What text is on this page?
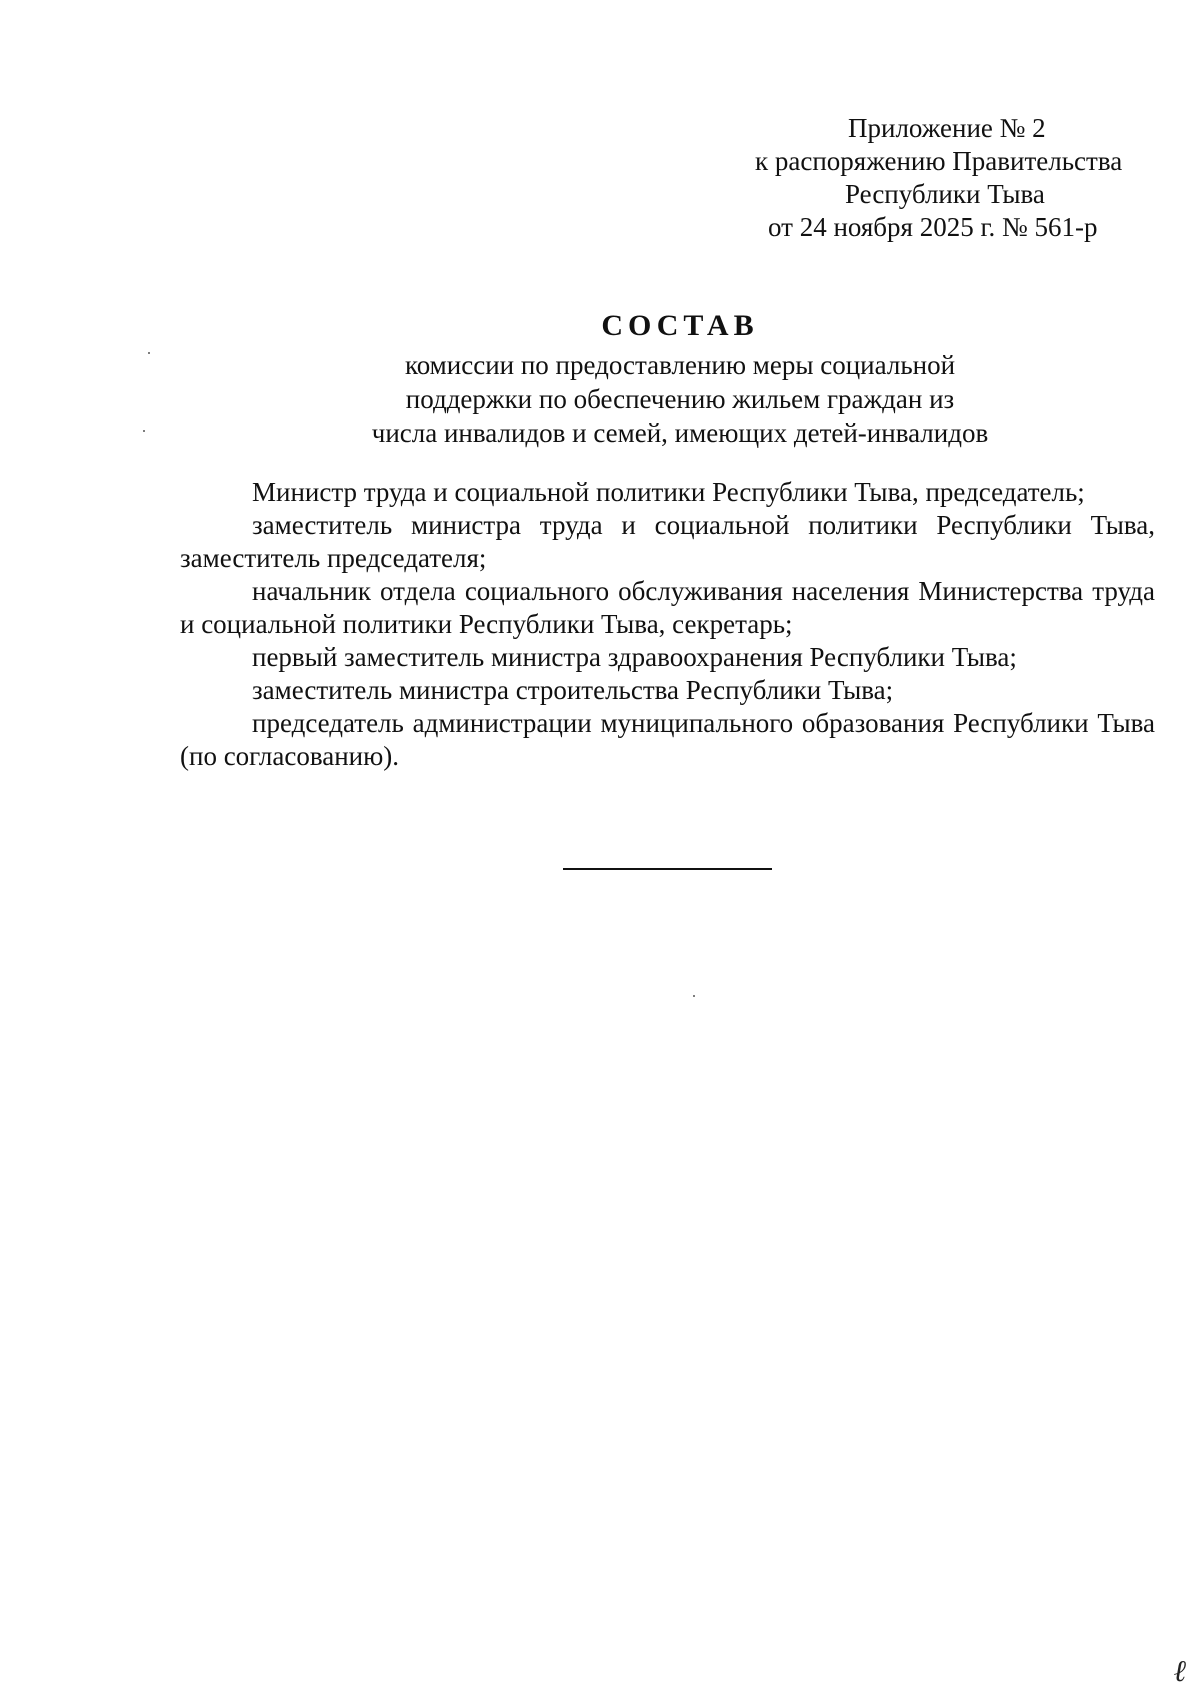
Приложение № 2
к распоряжению Правительства
Республики Тыва
от 24 ноября 2025 г. № 561-р
СОСТАВ
комиссии по предоставлению меры социальной
поддержки по обеспечению жильем граждан из
числа инвалидов и семей, имеющих детей-инвалидов

Министр труда и социальной политики Республики Тыва, председатель;

заместитель министра труда и социальной политики Республики Тыва, заместитель председателя;

начальник отдела социального обслуживания населения Министерства труда и социальной политики Республики Тыва, секретарь;

первый заместитель министра здравоохранения Республики Тыва;

заместитель министра строительства Республики Тыва;

председатель администрации муниципального образования Республики Тыва (по согласованию).

ℓ
